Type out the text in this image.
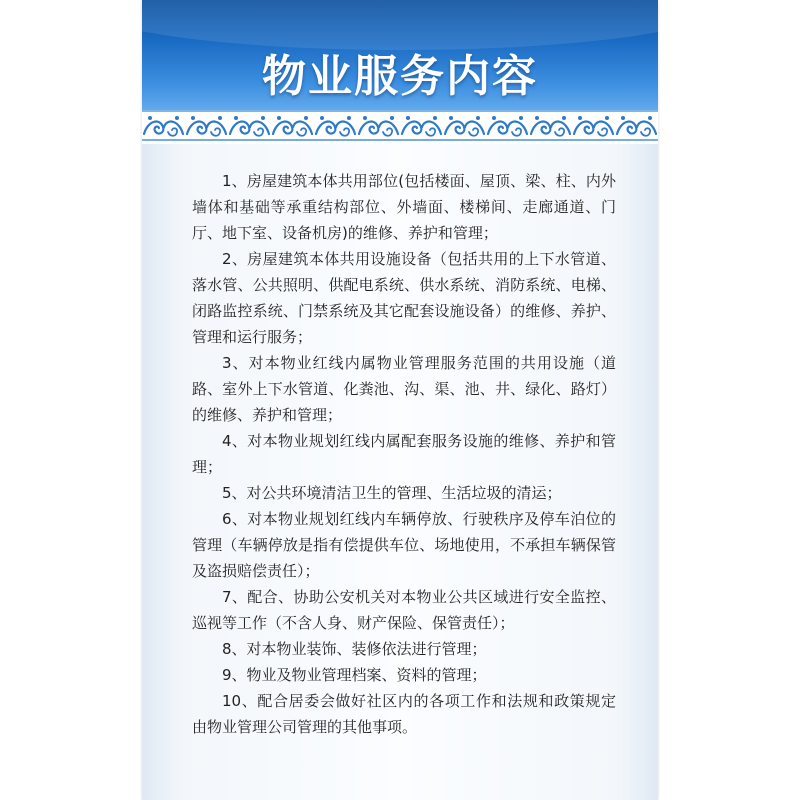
物业服务内容

1、房屋建筑本体共用部位(包括楼面、屋顶、梁、柱、内外墙体和基础等承重结构部位、外墙面、楼梯间、走廊通道、门厅、地下室、设备机房)的维修、养护和管理；

2、房屋建筑本体共用设施设备（包括共用的上下水管道、落水管、公共照明、供配电系统、供水系统、消防系统、电梯、闭路监控系统、门禁系统及其它配套设施设备）的维修、养护、管理和运行服务；

3、对本物业红线内属物业管理服务范围的共用设施（道路、室外上下水管道、化粪池、沟、渠、池、井、绿化、路灯）的维修、养护和管理；

4、对本物业规划红线内属配套服务设施的维修、养护和管理；

5、对公共环境清洁卫生的管理、生活垃圾的清运；

6、对本物业规划红线内车辆停放、行驶秩序及停车泊位的管理（车辆停放是指有偿提供车位、场地使用，不承担车辆保管及盗损赔偿责任）；

7、配合、协助公安机关对本物业公共区域进行安全监控、巡视等工作（不含人身、财产保险、保管责任）；

8、对本物业装饰、装修依法进行管理；

9、物业及物业管理档案、资料的管理；

10、配合居委会做好社区内的各项工作和法规和政策规定由物业管理公司管理的其他事项。
